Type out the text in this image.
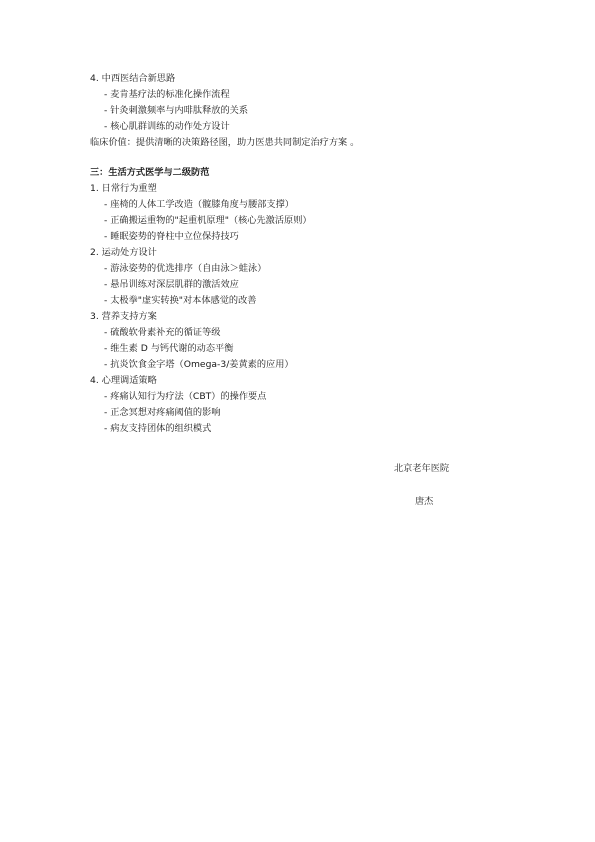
4. 中西医结合新思路
- 麦肯基疗法的标准化操作流程
- 针灸刺激频率与内啡肽释放的关系
- 核心肌群训练的动作处方设计
临床价值：提供清晰的决策路径图，助力医患共同制定治疗方案 。
三：生活方式医学与二级防范
1. 日常行为重塑
- 座椅的人体工学改造（髋膝角度与腰部支撑）
- 正确搬运重物的"起重机原理"（核心先激活原则）
- 睡眠姿势的脊柱中立位保持技巧
2. 运动处方设计
- 游泳姿势的优选排序（自由泳＞蛙泳）
- 悬吊训练对深层肌群的激活效应
- 太极拳"虚实转换"对本体感觉的改善
3. 营养支持方案
- 硫酸软骨素补充的循证等级
- 维生素 D 与钙代谢的动态平衡
- 抗炎饮食金字塔（Omega-3/姜黄素的应用）
4. 心理调适策略
- 疼痛认知行为疗法（CBT）的操作要点
- 正念冥想对疼痛阈值的影响
- 病友支持团体的组织模式
北京老年医院
唐杰
